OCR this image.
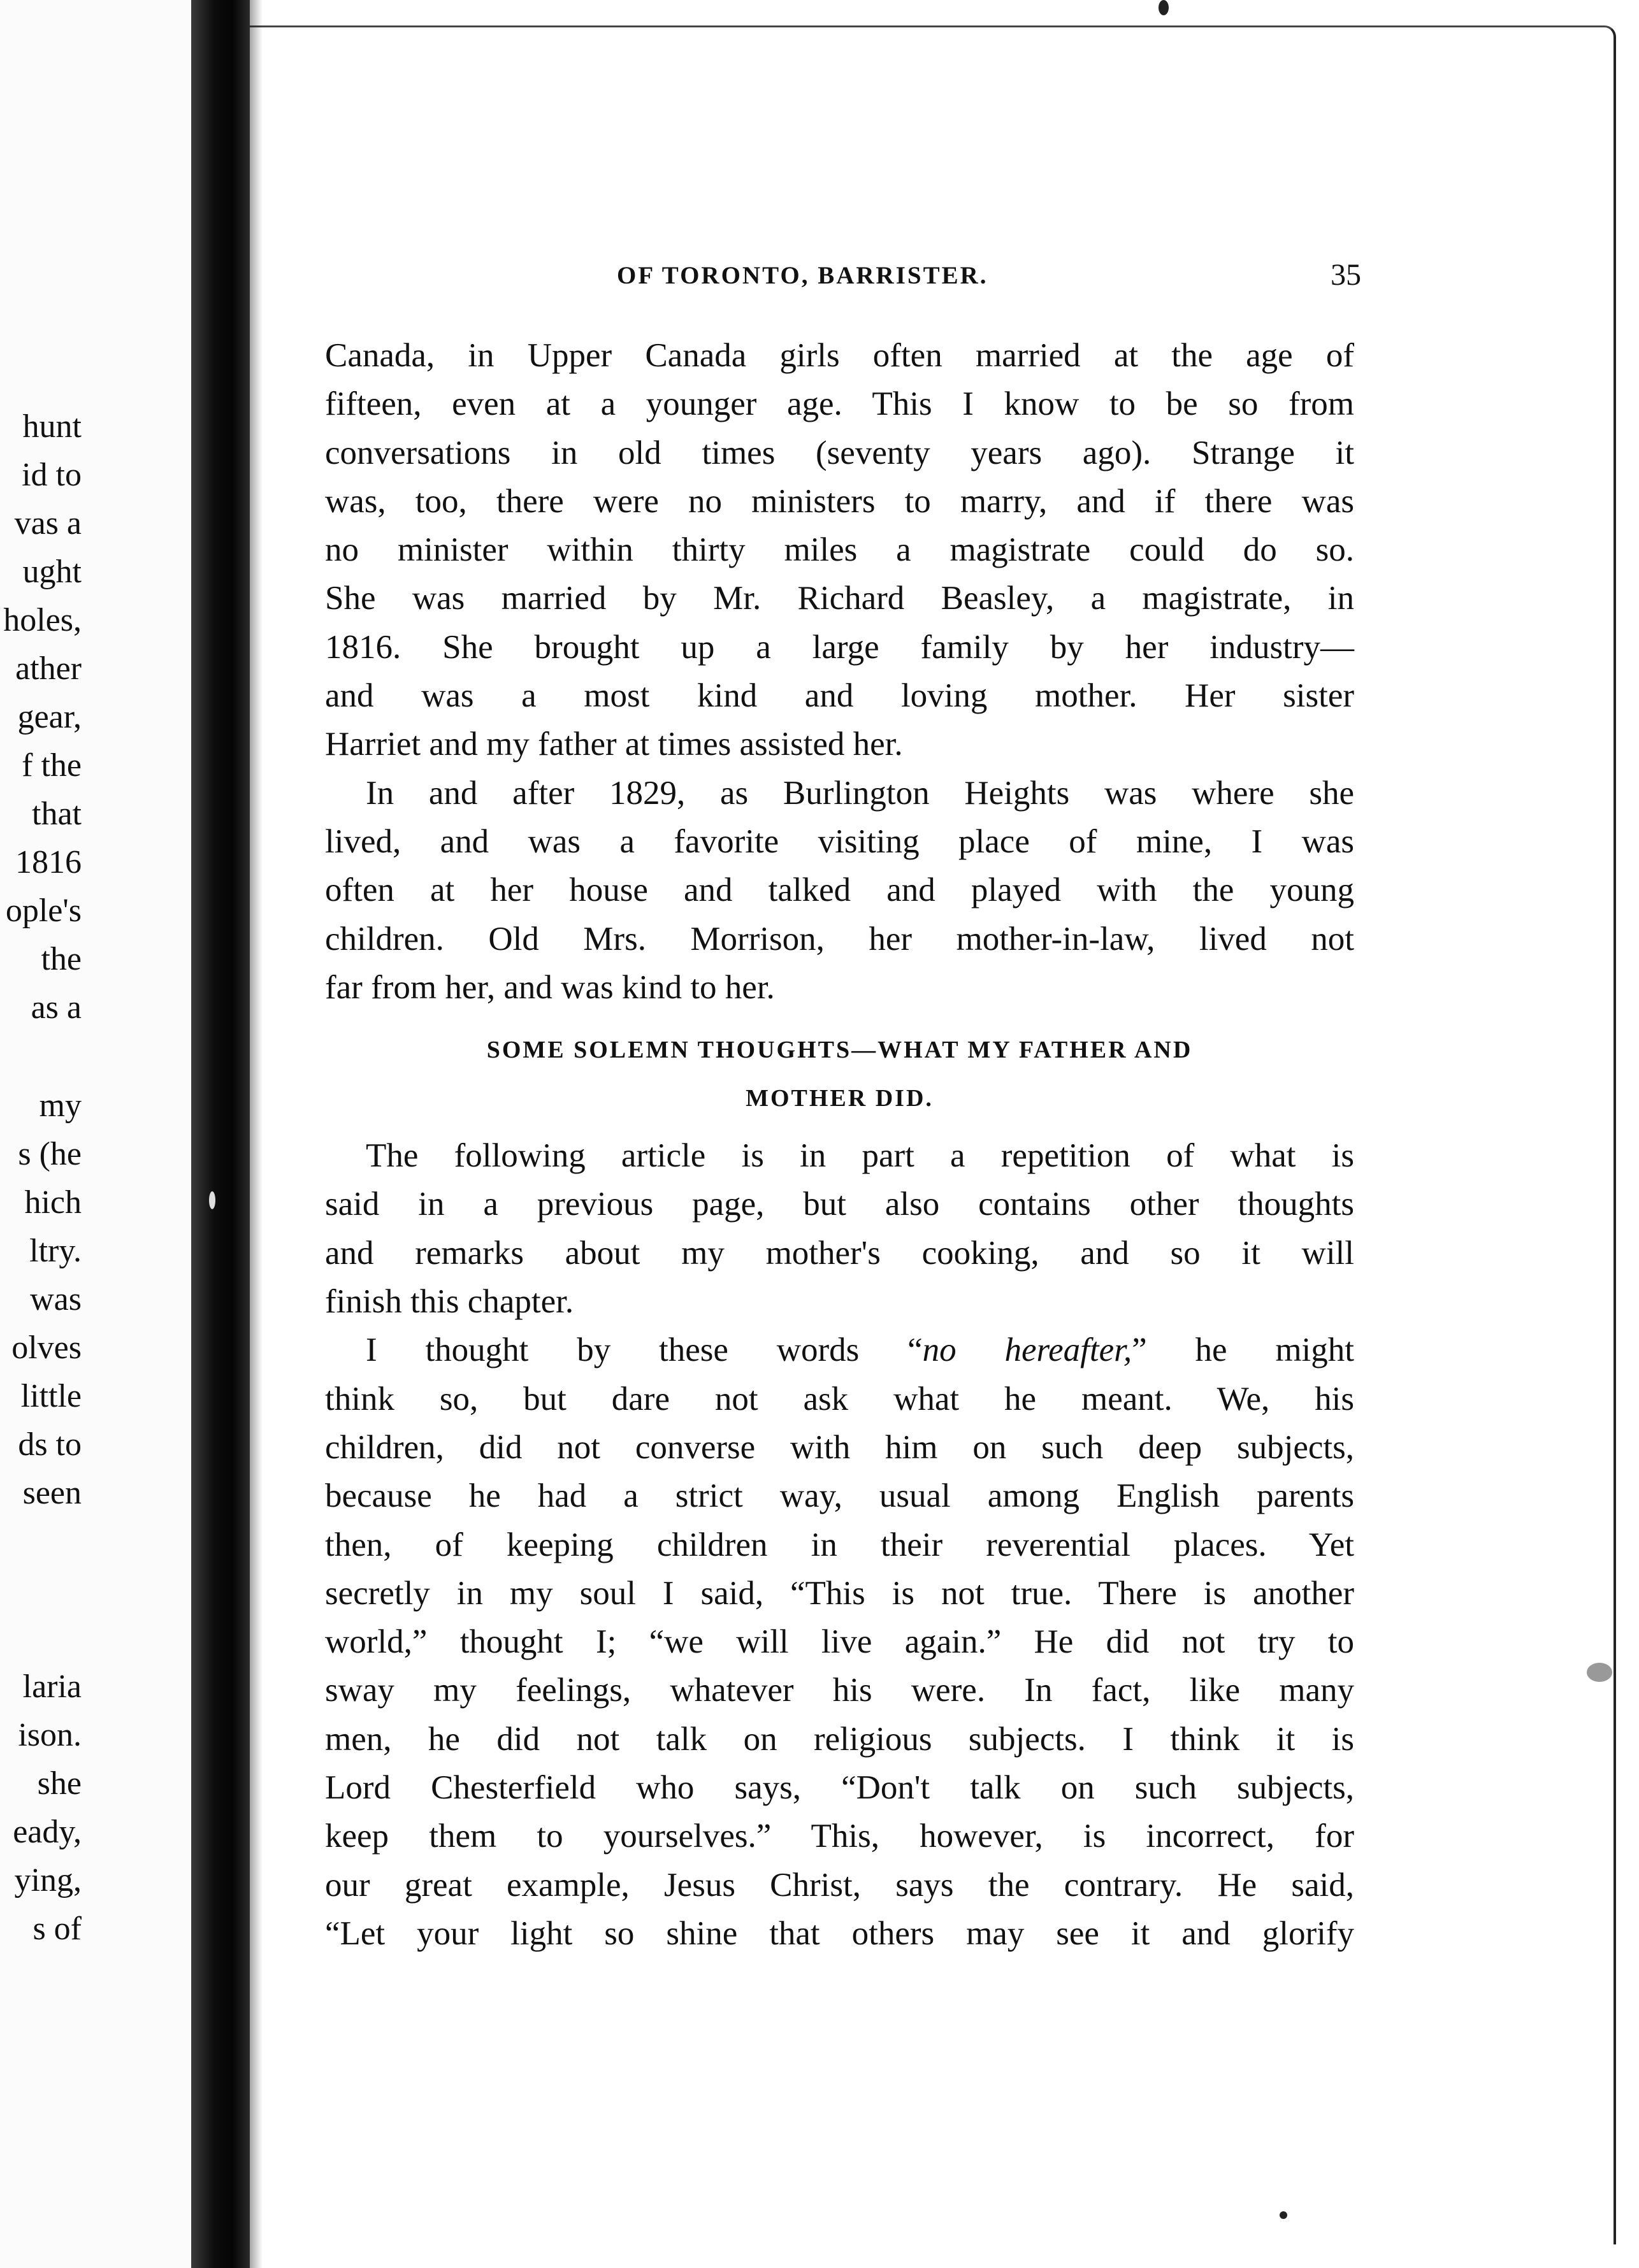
hunt
id to
vas a
ught
holes,
ather
gear,
f the
that
1816
ople's
the
as a
my
s (he
hich
ltry.
was
olves
little
ds to
seen
laria
ison.
she
eady,
ying,
s of
OF TORONTO, BARRISTER.	35
Canada, in Upper Canada girls often married at the age of
fifteen, even at a younger age. This I know to be so from
conversations in old times (seventy years ago). Strange it
was, too, there were no ministers to marry, and if there was
no minister within thirty miles a magistrate could do so.
She was married by Mr. Richard Beasley, a magistrate, in
1816. She brought up a large family by her industry—
and was a most kind and loving mother. Her sister
Harriet and my father at times assisted her.
In and after 1829, as Burlington Heights was where she
lived, and was a favorite visiting place of mine, I was
often at her house and talked and played with the young
children. Old Mrs. Morrison, her mother-in-law, lived not
far from her, and was kind to her.
SOME SOLEMN THOUGHTS—WHAT MY FATHER AND
MOTHER DID.
The following article is in part a repetition of what is
said in a previous page, but also contains other thoughts
and remarks about my mother's cooking, and so it will
finish this chapter.
I thought by these words “no hereafter,” he might
think so, but dare not ask what he meant. We, his
children, did not converse with him on such deep subjects,
because he had a strict way, usual among English parents
then, of keeping children in their reverential places. Yet
secretly in my soul I said, “This is not true. There is another
world,” thought I; “we will live again.” He did not try to
sway my feelings, whatever his were. In fact, like many
men, he did not talk on religious subjects. I think it is
Lord Chesterfield who says, “Don't talk on such subjects,
keep them to yourselves.” This, however, is incorrect, for
our great example, Jesus Christ, says the contrary. He said,
“Let your light so shine that others may see it and glorify
